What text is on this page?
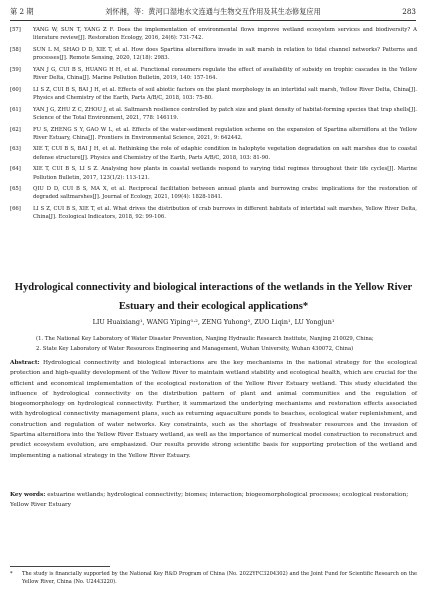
第 2 期	刘怀湘，等：黄河口湿地水文连通与生物交互作用及其生态修复应用	283
[57] YANG W, SUN T, YANG Z F. Does the implementation of environmental flows improve wetland ecosystem services and biodiversity? A literature review[J]. Restoration Ecology, 2016, 24(6): 731-742.
[58] SUN L M, SHAO D D, XIE T, et al. How does Spartina alterniflora invade in salt marsh in relation to tidal channel networks? Patterns and processes[J]. Remote Sensing, 2020, 12(18): 2983.
[59] YAN J G, CUI B S, HUANG H H, et al. Functional consumers regulate the effect of availability of subsidy on trophic cascades in the Yellow River Delta, China[J]. Marine Pollution Bulletin, 2019, 140: 157-164.
[60] LI S Z, CUI B S, BAI J H, et al. Effects of soil abiotic factors on the plant morphology in an intertidal salt marsh, Yellow River Delta, China[J]. Physics and Chemistry of the Earth, Parts A/B/C, 2018, 103: 75-80.
[61] YAN J G, ZHU Z C, ZHOU J, et al. Saltmarsh resilience controlled by patch size and plant density of habitat-forming species that trap shells[J]. Science of the Total Environment, 2021, 778: 146119.
[62] FU S, ZHENG S Y, GAO W L, et al. Effects of the water-sediment regulation scheme on the expansion of Spartina alterniflora at the Yellow River Estuary, China[J]. Frontiers in Environmental Science, 2021, 9: 642442.
[63] XIE T, CUI B S, BAI J H, et al. Rethinking the role of edaphic condition in halophyte vegetation degradation on salt marshes due to coastal defense structure[J]. Physics and Chemistry of the Earth, Parts A/B/C, 2018, 103: 81-90.
[64] XIE T, CUI B S, LI S Z. Analysing how plants in coastal wetlands respond to varying tidal regimes throughout their life cycles[J]. Marine Pollution Bulletin, 2017, 123(1/2): 113-121.
[65] QIU D D, CUI B S, MA X, et al. Reciprocal facilitation between annual plants and burrowing crabs: implications for the restoration of degraded saltmarshes[J]. Journal of Ecology, 2021, 109(4): 1828-1841.
[66] LI S Z, CUI B S, XIE T, et al. What drives the distribution of crab burrows in different habitats of intertidal salt marshes, Yellow River Delta, China[J]. Ecological Indicators, 2018, 92: 99-106.
Hydrological connectivity and biological interactions of the wetlands in the Yellow River Estuary and their ecological applications*
LIU Huaixiang¹, WANG Yiping¹·², ZENG Yuhong², ZUO Liqin¹, LU Yongjun¹
(1. The National Key Laboratory of Water Disaster Prevention, Nanjing Hydraulic Research Institute, Nanjing 210029, China;
2. State Key Laboratory of Water Resources Engineering and Management, Wuhan University, Wuhan 430072, China)
Abstract: Hydrological connectivity and biological interactions are the key mechanisms in the national strategy for the ecological protection and high-quality development of the Yellow River to maintain wetland stability and ecological health, which are crucial for the efficient and economical implementation of the ecological restoration of the Yellow River Estuary wetland. This study elucidated the influence of hydrological connectivity on the distribution pattern of plant and animal communities and the regulation of biogeomorphology on hydrological connectivity. Further, it summarized the underlying mechanisms and restoration effects associated with hydrological connectivity management plans, such as returning aquaculture ponds to beaches, ecological water replenishment, and construction and regulation of water networks. Key constraints, such as the shortage of freshwater resources and the invasion of Spartina alterniflora into the Yellow River Estuary wetland, as well as the importance of numerical model construction to reconstruct and predict ecosystem evolution, are emphasized. Our results provide strong scientific basis for supporting protection of the wetland and implementing a national strategy in the Yellow River Estuary.
Key words: estuarine wetlands; hydrological connectivity; biomes; interaction; biogeomorphological processes; ecological restoration; Yellow River Estuary
* The study is financially supported by the National Key R&D Program of China (No. 2022YFC3204302) and the Joint Fund for Scientific Research on the Yellow River, China (No. U2443220).
